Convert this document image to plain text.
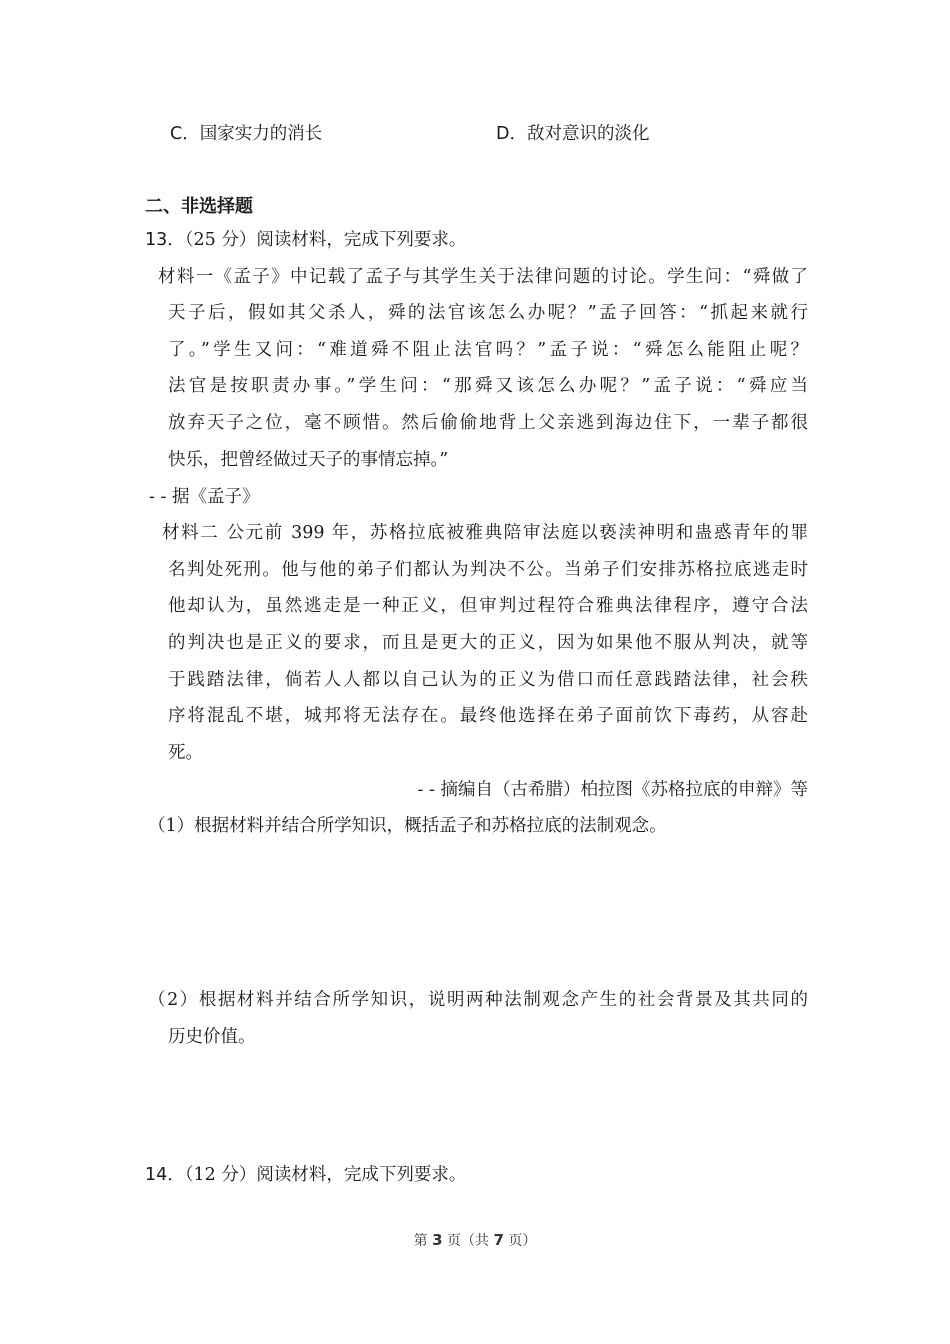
C．国家实力的消长	D．敌对意识的淡化
二、非选择题
13．（25 分）阅读材料，完成下列要求。
材料一《孟子》中记载了孟子与其学生关于法律问题的讨论。学生问：“舜做了
天子后，假如其父杀人，舜的法官该怎么办呢？”孟子回答：“抓起来就行
了。”学生又问：“难道舜不阻止法官吗？”孟子说：“舜怎么能阻止呢？
法官是按职责办事。”学生问：“那舜又该怎么办呢？”孟子说：“舜应当
放弃天子之位，毫不顾惜。然后偷偷地背上父亲逃到海边住下，一辈子都很
快乐，把曾经做过天子的事情忘掉。”
- - 据《孟子》
材料二 公元前 399 年，苏格拉底被雅典陪审法庭以亵渎神明和蛊惑青年的罪
名判处死刑。他与他的弟子们都认为判决不公。当弟子们安排苏格拉底逃走时
他却认为，虽然逃走是一种正义，但审判过程符合雅典法律程序，遵守合法
的判决也是正义的要求，而且是更大的正义，因为如果他不服从判决，就等
于践踏法律，倘若人人都以自己认为的正义为借口而任意践踏法律，社会秩
序将混乱不堪，城邦将无法存在。最终他选择在弟子面前饮下毒药，从容赴
死。
- - 摘编自（古希腊）柏拉图《苏格拉底的申辩》等
（1）根据材料并结合所学知识，概括孟子和苏格拉底的法制观念。
（2）根据材料并结合所学知识，说明两种法制观念产生的社会背景及其共同的
历史价值。
14．（12 分）阅读材料，完成下列要求。
第 3 页（共 7 页）
